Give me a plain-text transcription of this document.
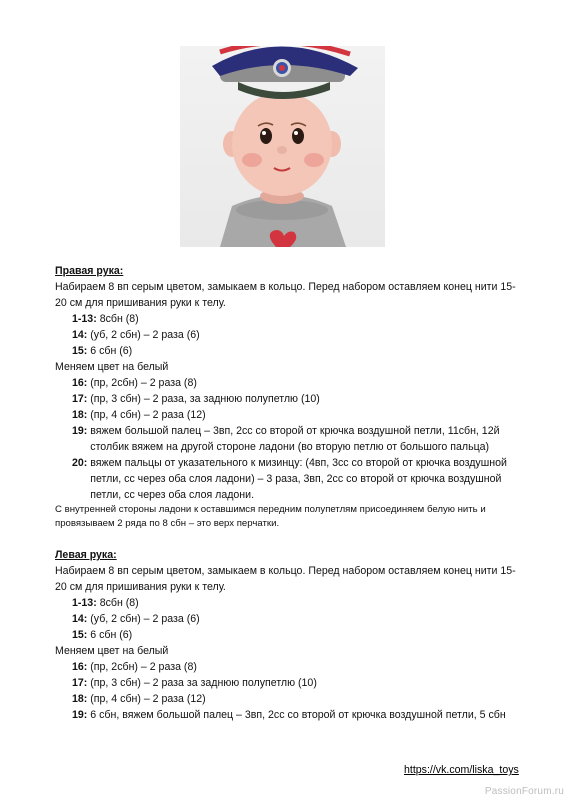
Правая рука:
Набираем 8 вп серым цветом, замыкаем в кольцо. Перед набором оставляем конец нити 15-20 см для пришивания руки к телу.
1-13:
8сбн (8)
14:
(уб, 2 сбн) – 2 раза (6)
15:
6 сбн (6)
Меняем цвет на белый
16:
(пр, 2сбн) – 2 раза (8)
17:
(пр, 3 сбн) – 2 раза, за заднюю полупетлю (10)
18:
(пр, 4 сбн) – 2 раза (12)
19:
вяжем большой палец – 3вп, 2сс со второй от крючка воздушной петли, 11сбн, 12й столбик вяжем на другой стороне ладони (во вторую петлю от большого пальца)
20:
вяжем пальцы от указательного к мизинцу: (4вп, 3сс со второй от крючка воздушной петли, сс через оба слоя ладони) – 3 раза, 3вп, 2сс со второй от крючка воздушной петли, сс через оба слоя ладони.
С внутренней стороны ладони к оставшимся передним полупетлям присоединяем белую нить и провязываем 2 ряда по 8 сбн – это верх перчатки.
Левая рука:
Набираем 8 вп серым цветом, замыкаем в кольцо. Перед набором оставляем конец нити 15-20 см для пришивания руки к телу.
1-13:
8сбн (8)
14:
(уб, 2 сбн) – 2 раза (6)
15:
6 сбн (6)
Меняем цвет на белый
16:
(пр, 2сбн) – 2 раза (8)
17:
(пр, 3 сбн) – 2 раза за заднюю полупетлю (10)
18:
(пр, 4 сбн) – 2 раза (12)
19:
6 сбн, вяжем большой палец – 3вп, 2сс со второй от крючка воздушной петли, 5 сбн
https://vk.com/liska_toys
PassionForum.ru
